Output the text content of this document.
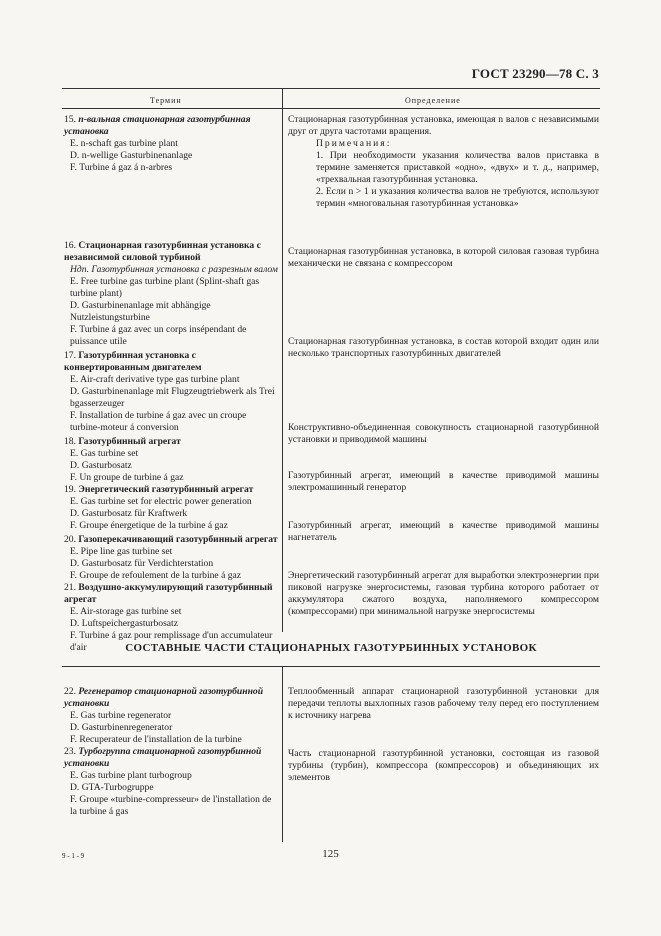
ГОСТ 23290—78 С. 3
Термин	Определение
15. n-вальная стационарная газотурбинная установка
E. n-schaft gas turbine plant
D. n-wellige Gasturbinenanlage
F. Turbine á gaz á n-arbres
16. Стационарная газотурбинная установка с независимой силовой турбиной
Ндп. Газотурбинная установка с разрезным валом
E. Free turbine gas turbine plant (Splint-shaft gas turbine plant)
D. Gasturbinenanlage mit abhängige Nutzleistungsturbine
F. Turbine á gaz avec un corps insépendant de puissance utile
17. Газотурбинная установка с конвертированным двигателем
E. Air-craft derivative type gas turbine plant
D. Gasturbinenanlage mit Flugzeugtriebwerk als Trei bgasserzeuger
F. Installation de turbine á gaz avec un croupe turbine-moteur á conversion
18. Газотурбинный агрегат
E. Gas turbine set
D. Gasturbosatz
F. Un groupe de turbine á gaz
19. Энергетический газотурбинный агрегат
E. Gas turbine set for electric power generation
D. Gasturbosatz für Kraftwerk
F. Groupe énergetique de la turbine á gaz
20. Газоперекачивающий газотурбинный агрегат
E. Pipe line gas turbine set
D. Gasturbosatz für Verdichterstation
F. Groupe de refoulement de la turbine á gaz
21. Воздушно-аккумулирующий газотурбинный агрегат
E. Air-storage gas turbine set
D. Luftspeichergasturbosatz
F. Turbine á gaz pour remplissage d'un accumulateur d'air
Стационарная газотурбинная установка, имеющая n валов с независимыми друг от друга частотами вращения.
Примечания:
1. При необходимости указания количества валов приставка в термине заменяется приставкой «одно», «двух» и т. д., например, «трехвальная газотурбинная установка.
2. Если n > 1 и указания количества валов не требуются, используют термин «многовальная газотурбинная установка»
Стационарная газотурбинная установка, в которой силовая газовая турбина механически не связана с компрессором
Стационарная газотурбинная установка, в состав которой входит один или несколько транспортных газотурбинных двигателей
Конструктивно-объединенная совокупность стационарной газотурбинной установки и приводимой машины
Газотурбинный агрегат, имеющий в качестве приводимой машины электромашинный генератор
Газотурбинный агрегат, имеющий в качестве приводимой машины нагнетатель
Энергетический газотурбинный агрегат для выработки электроэнергии при пиковой нагрузке энергосистемы, газовая турбина которого работает от аккумулятора сжатого воздуха, наполняемого компрессором (компрессорами) при минимальной нагрузке энергосистемы
СОСТАВНЫЕ ЧАСТИ СТАЦИОНАРНЫХ ГАЗОТУРБИННЫХ УСТАНОВОК
22. Регенератор стационарной газотурбинной установки
E. Gas turbine regenerator
D. Gasturbinenregenerator
F. Recuperateur de l'installation de la turbine
23. Турбогруппа стационарной газотурбинной установки
E. Gas turbine plant turbogroup
D. GTA-Turbogruppe
F. Groupe «turbine-compresseur» de l'installation de la turbine á gas
Теплообменный аппарат стационарной газотурбинной установки для передачи теплоты выхлопных газов рабочему телу перед его поступлением к источнику нагрева
Часть стационарной газотурбинной установки, состоящая из газовой турбины (турбин), компрессора (компрессоров) и объединяющих их элементов
9 - 1 - 9	125
